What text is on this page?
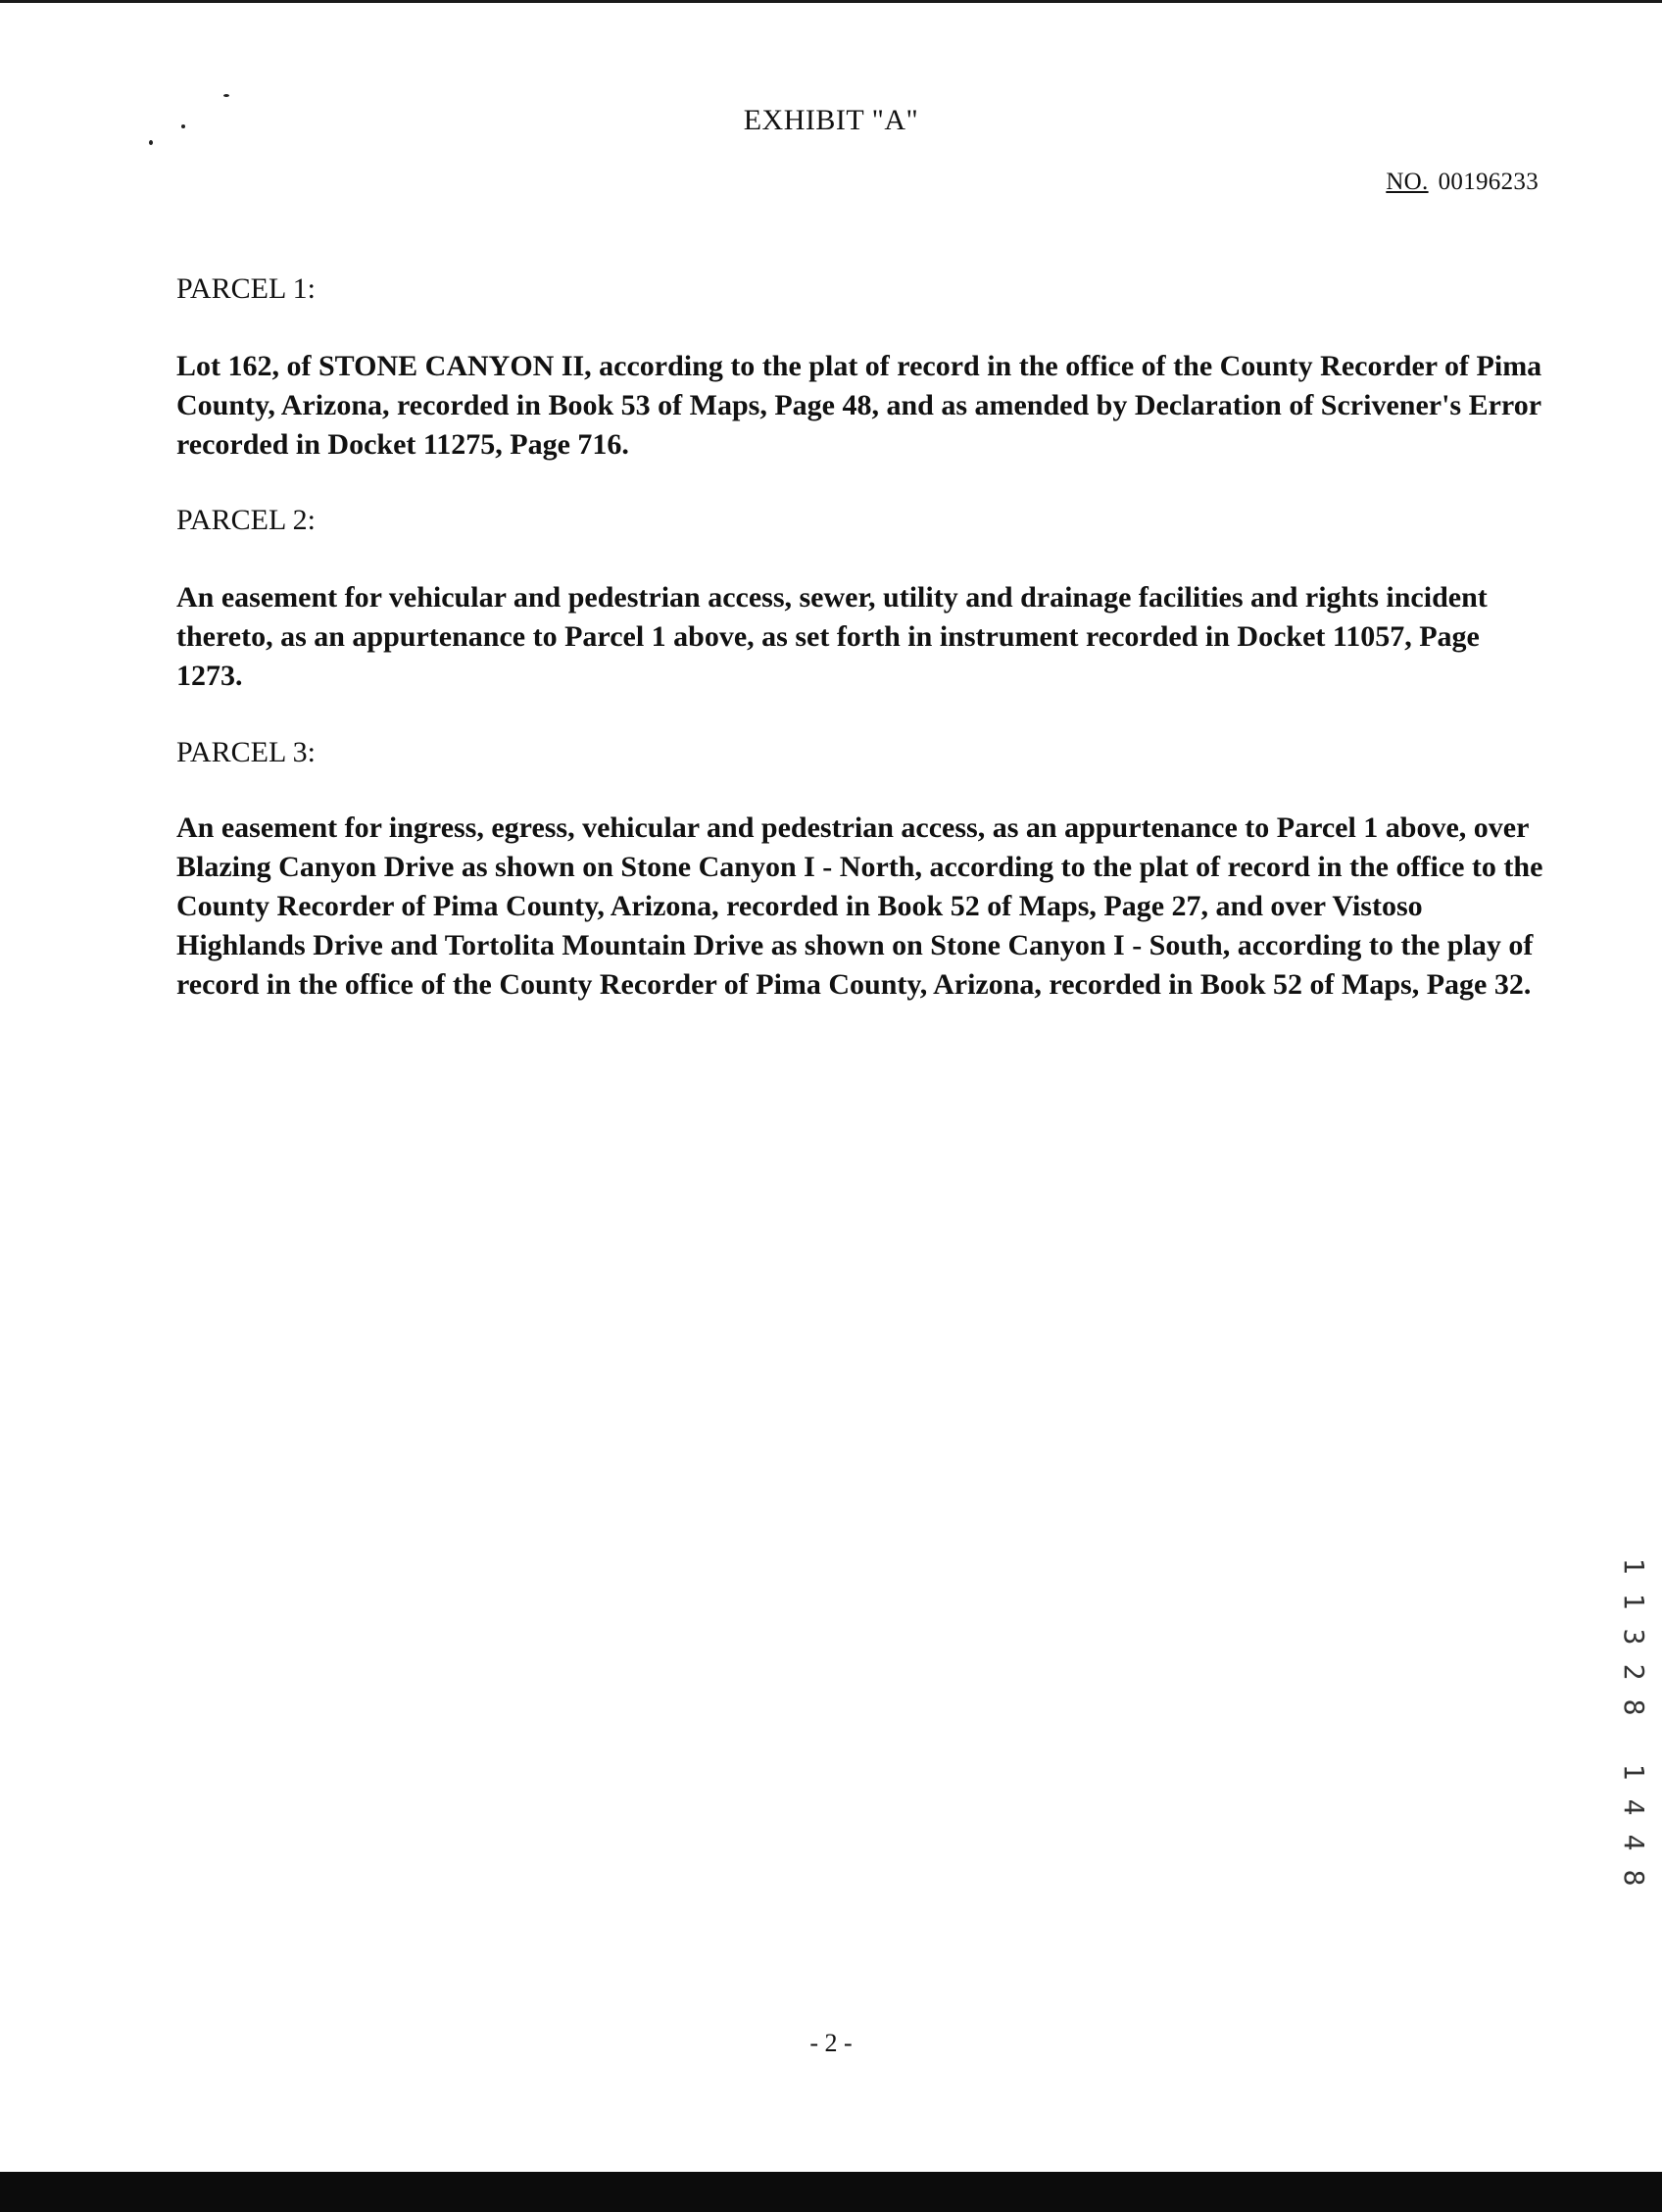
EXHIBIT "A"
NO. 00196233
PARCEL 1:

Lot 162, of STONE CANYON II, according to the plat of record in the office of the County Recorder of Pima County, Arizona, recorded in Book 53 of Maps, Page 48, and as amended by Declaration of Scrivener's Error recorded in Docket 11275, Page 716.

PARCEL 2:

An easement for vehicular and pedestrian access, sewer, utility and drainage facilities and rights incident thereto, as an appurtenance to Parcel 1 above, as set forth in instrument recorded in Docket 11057, Page 1273.

PARCEL 3:

An easement for ingress, egress, vehicular and pedestrian access, as an appurtenance to Parcel 1 above, over Blazing Canyon Drive as shown on Stone Canyon I - North, according to the plat of record in the office to the County Recorder of Pima County, Arizona, recorded in Book 52 of Maps, Page 27, and over Vistoso Highlands Drive and Tortolita Mountain Drive as shown on Stone Canyon I - South, according to the play of record in the office of the County Recorder of Pima County, Arizona, recorded in Book 52 of Maps, Page 32.

1
1
3
2
8
1
4
4
8
- 2 -
